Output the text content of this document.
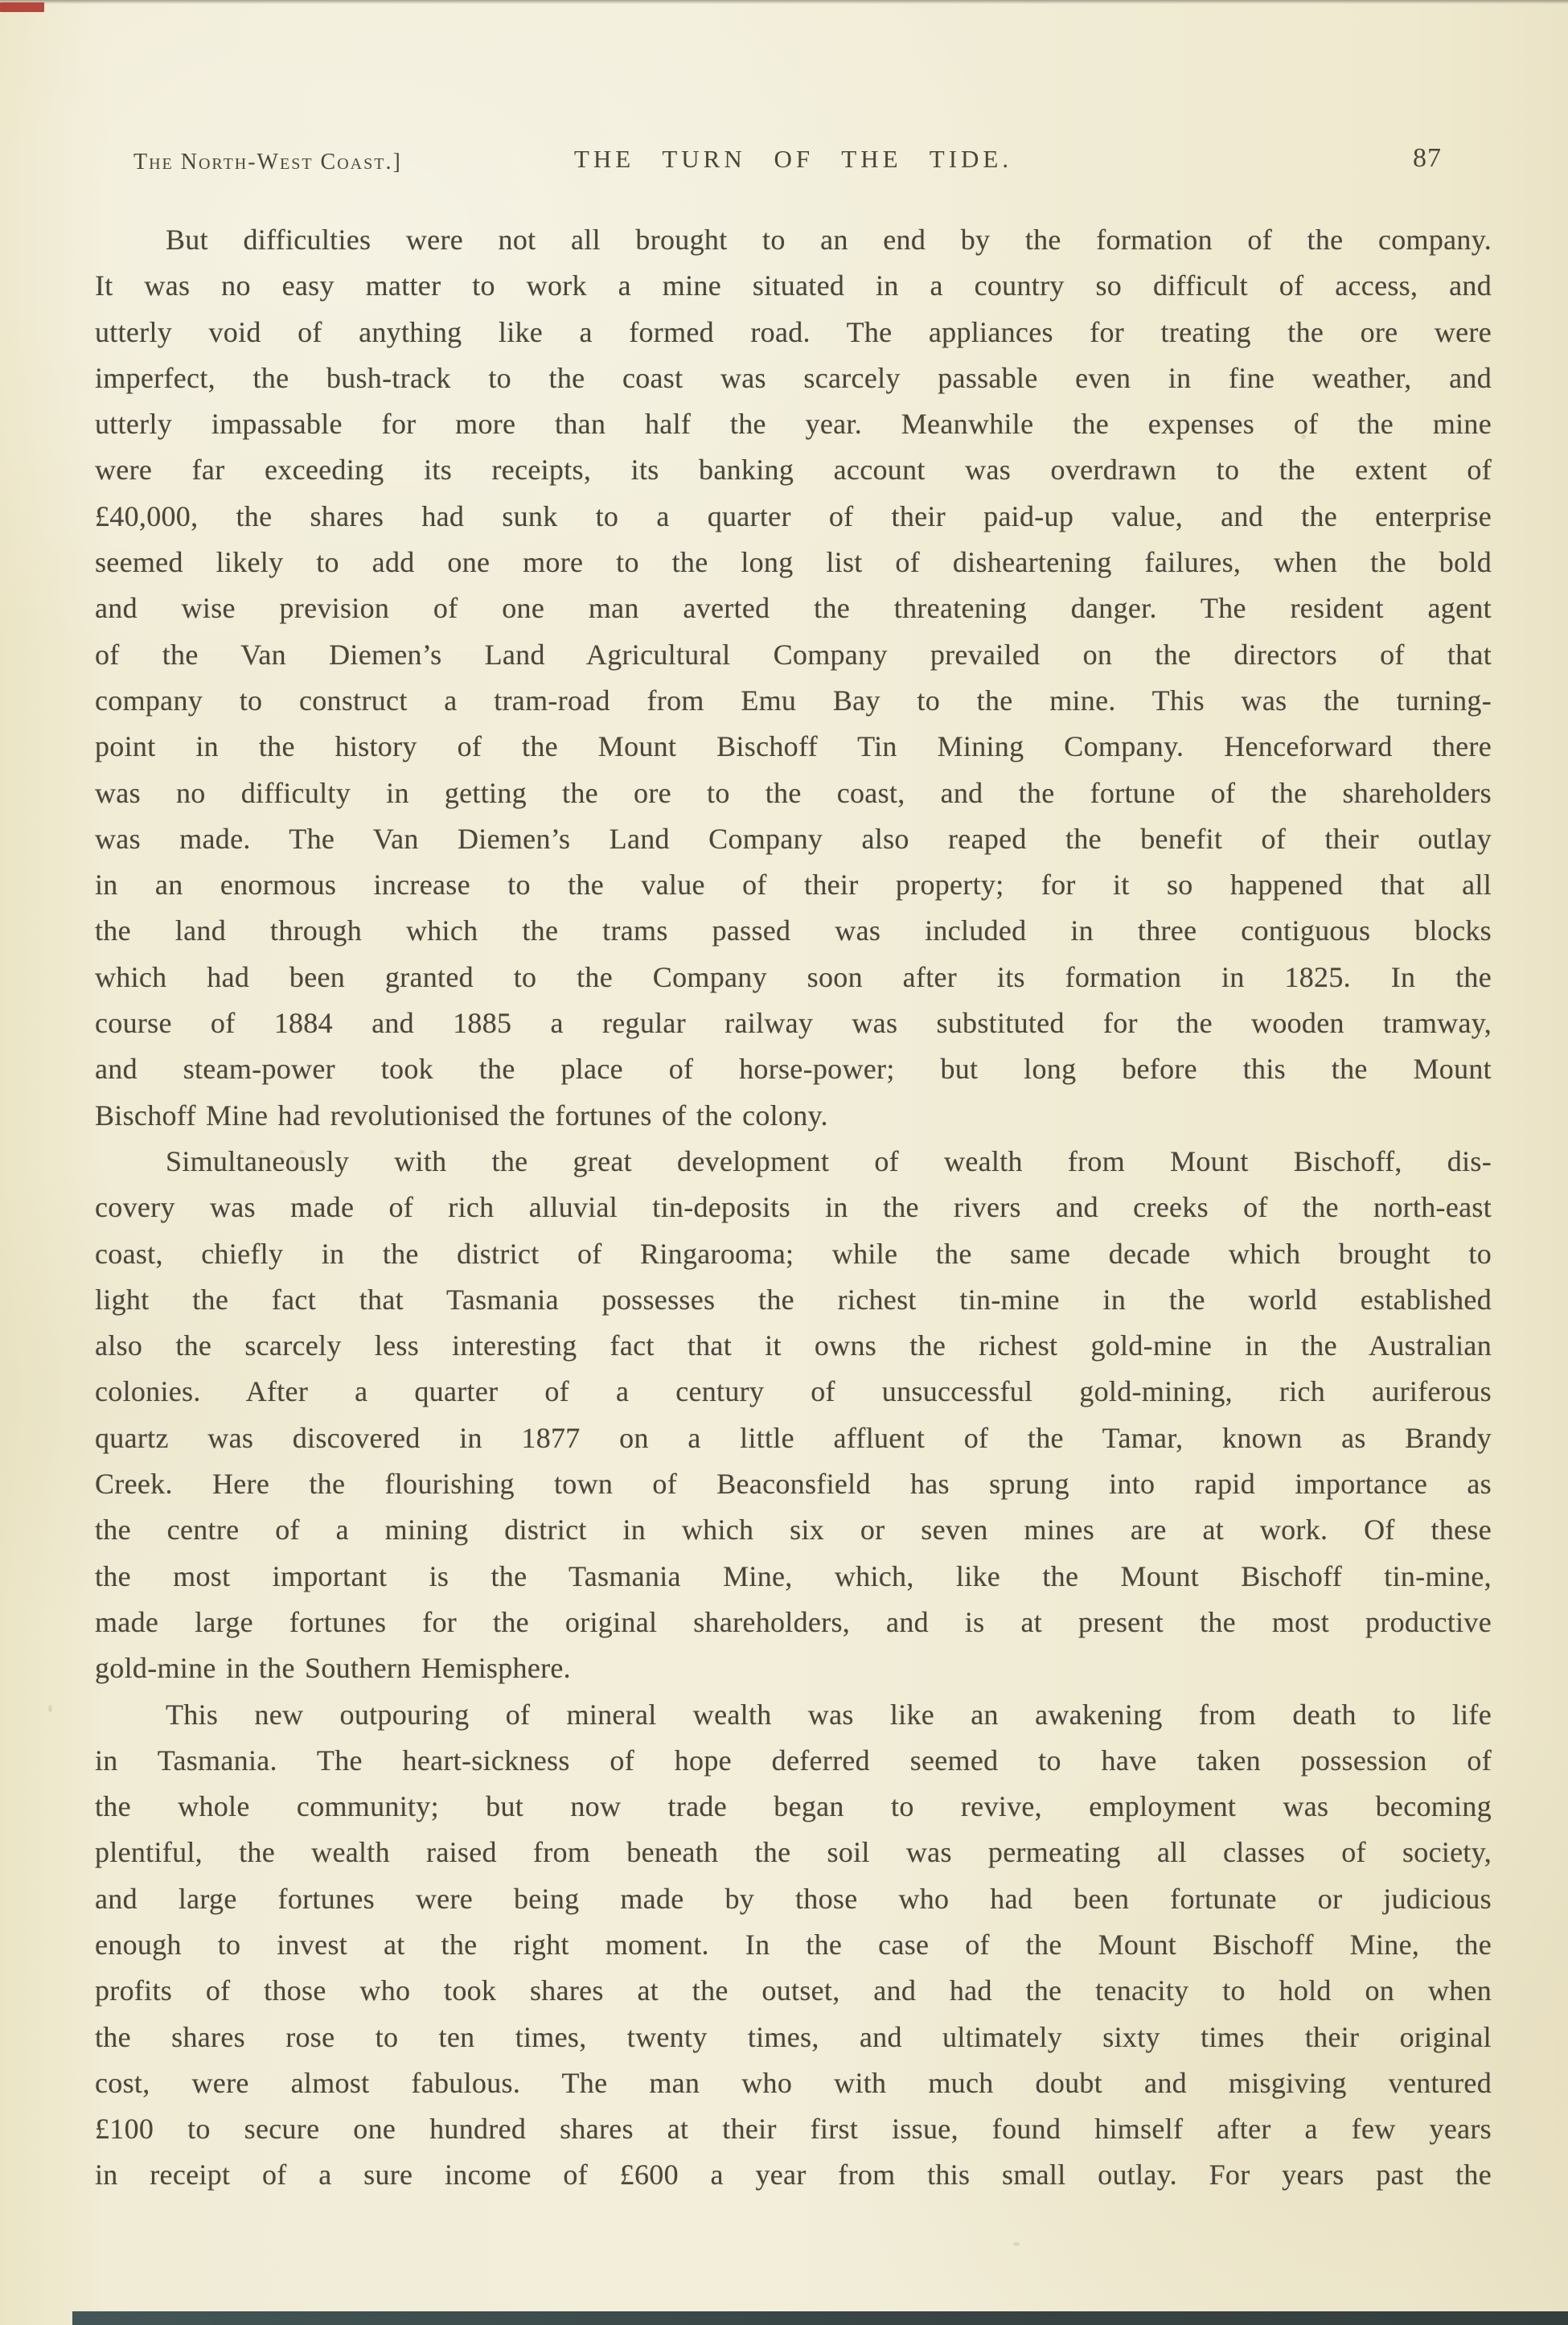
The North-West Coast.]	THE TURN OF THE TIDE.	87
But difficulties were not all brought to an end by the formation of the company.
It was no easy matter to work a mine situated in a country so difficult of access, and
utterly void of anything like a formed road. The appliances for treating the ore were
imperfect, the bush-track to the coast was scarcely passable even in fine weather, and
utterly impassable for more than half the year. Meanwhile the expenses of the mine
were far exceeding its receipts, its banking account was overdrawn to the extent of
£40,000, the shares had sunk to a quarter of their paid-up value, and the enterprise
seemed likely to add one more to the long list of disheartening failures, when the bold
and wise prevision of one man averted the threatening danger. The resident agent
of the Van Diemen’s Land Agricultural Company prevailed on the directors of that
company to construct a tram-road from Emu Bay to the mine. This was the turning-
point in the history of the Mount Bischoff Tin Mining Company. Henceforward there
was no difficulty in getting the ore to the coast, and the fortune of the shareholders
was made. The Van Diemen’s Land Company also reaped the benefit of their outlay
in an enormous increase to the value of their property; for it so happened that all
the land through which the trams passed was included in three contiguous blocks
which had been granted to the Company soon after its formation in 1825. In the
course of 1884 and 1885 a regular railway was substituted for the wooden tramway,
and steam-power took the place of horse-power; but long before this the Mount
Bischoff Mine had revolutionised the fortunes of the colony.
Simultaneously with the great development of wealth from Mount Bischoff, dis-
covery was made of rich alluvial tin-deposits in the rivers and creeks of the north-east
coast, chiefly in the district of Ringarooma; while the same decade which brought to
light the fact that Tasmania possesses the richest tin-mine in the world established
also the scarcely less interesting fact that it owns the richest gold-mine in the Australian
colonies. After a quarter of a century of unsuccessful gold-mining, rich auriferous
quartz was discovered in 1877 on a little affluent of the Tamar, known as Brandy
Creek. Here the flourishing town of Beaconsfield has sprung into rapid importance as
the centre of a mining district in which six or seven mines are at work. Of these
the most important is the Tasmania Mine, which, like the Mount Bischoff tin-mine,
made large fortunes for the original shareholders, and is at present the most productive
gold-mine in the Southern Hemisphere.
This new outpouring of mineral wealth was like an awakening from death to life
in Tasmania. The heart-sickness of hope deferred seemed to have taken possession of
the whole community; but now trade began to revive, employment was becoming
plentiful, the wealth raised from beneath the soil was permeating all classes of society,
and large fortunes were being made by those who had been fortunate or judicious
enough to invest at the right moment. In the case of the Mount Bischoff Mine, the
profits of those who took shares at the outset, and had the tenacity to hold on when
the shares rose to ten times, twenty times, and ultimately sixty times their original
cost, were almost fabulous. The man who with much doubt and misgiving ventured
£100 to secure one hundred shares at their first issue, found himself after a few years
in receipt of a sure income of £600 a year from this small outlay. For years past the
